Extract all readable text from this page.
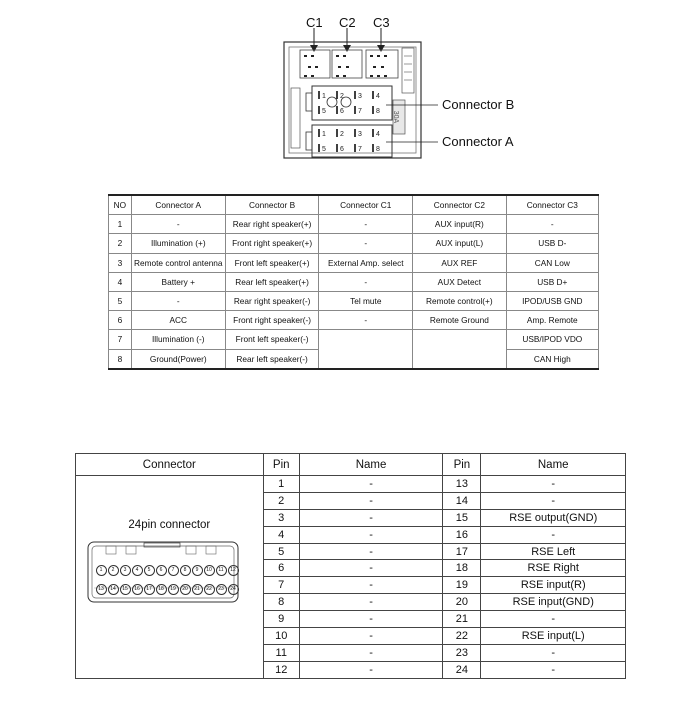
C1 C2 C3
30A
1 2 3 4
5 6 7 8
1 2 3 4
5 6 7 8
Connector B
Connector A
NO	Connector A	Connector B	Connector C1	Connector C2	Connector C3
1	-	Rear right speaker(+)	-	AUX input(R)	-
2	Illumination (+)	Front right speaker(+)	-	AUX input(L)	USB D-
3	Remote control antenna	Front left speaker(+)	External Amp. select	AUX REF	CAN Low
4	Battery +	Rear left speaker(+)	-	AUX Detect	USB D+
5	-	Rear right speaker(-)	Tel mute	Remote control(+)	IPOD/USB GND
6	ACC	Front right speaker(-)	-	Remote Ground	Amp. Remote
7	Illumination (-)	Front left speaker(-)			USB/IPOD VDO
8	Ground(Power)	Rear left speaker(-)			CAN High
Connector	Pin	Name	Pin	Name

24pin connector
1 2 3 4 5 6 7 8 9 10 11 12
13 14 15 16 17 18 19 20 21 22 23 24	1	-	13	-
	2	-	14	-
	3	-	15	RSE output(GND)
	4	-	16	-
	5	-	17	RSE Left
	6	-	18	RSE Right
	7	-	19	RSE input(R)
	8	-	20	RSE input(GND)
	9	-	21	-
	10	-	22	RSE input(L)
	11	-	23	-
	12	-	24	-
